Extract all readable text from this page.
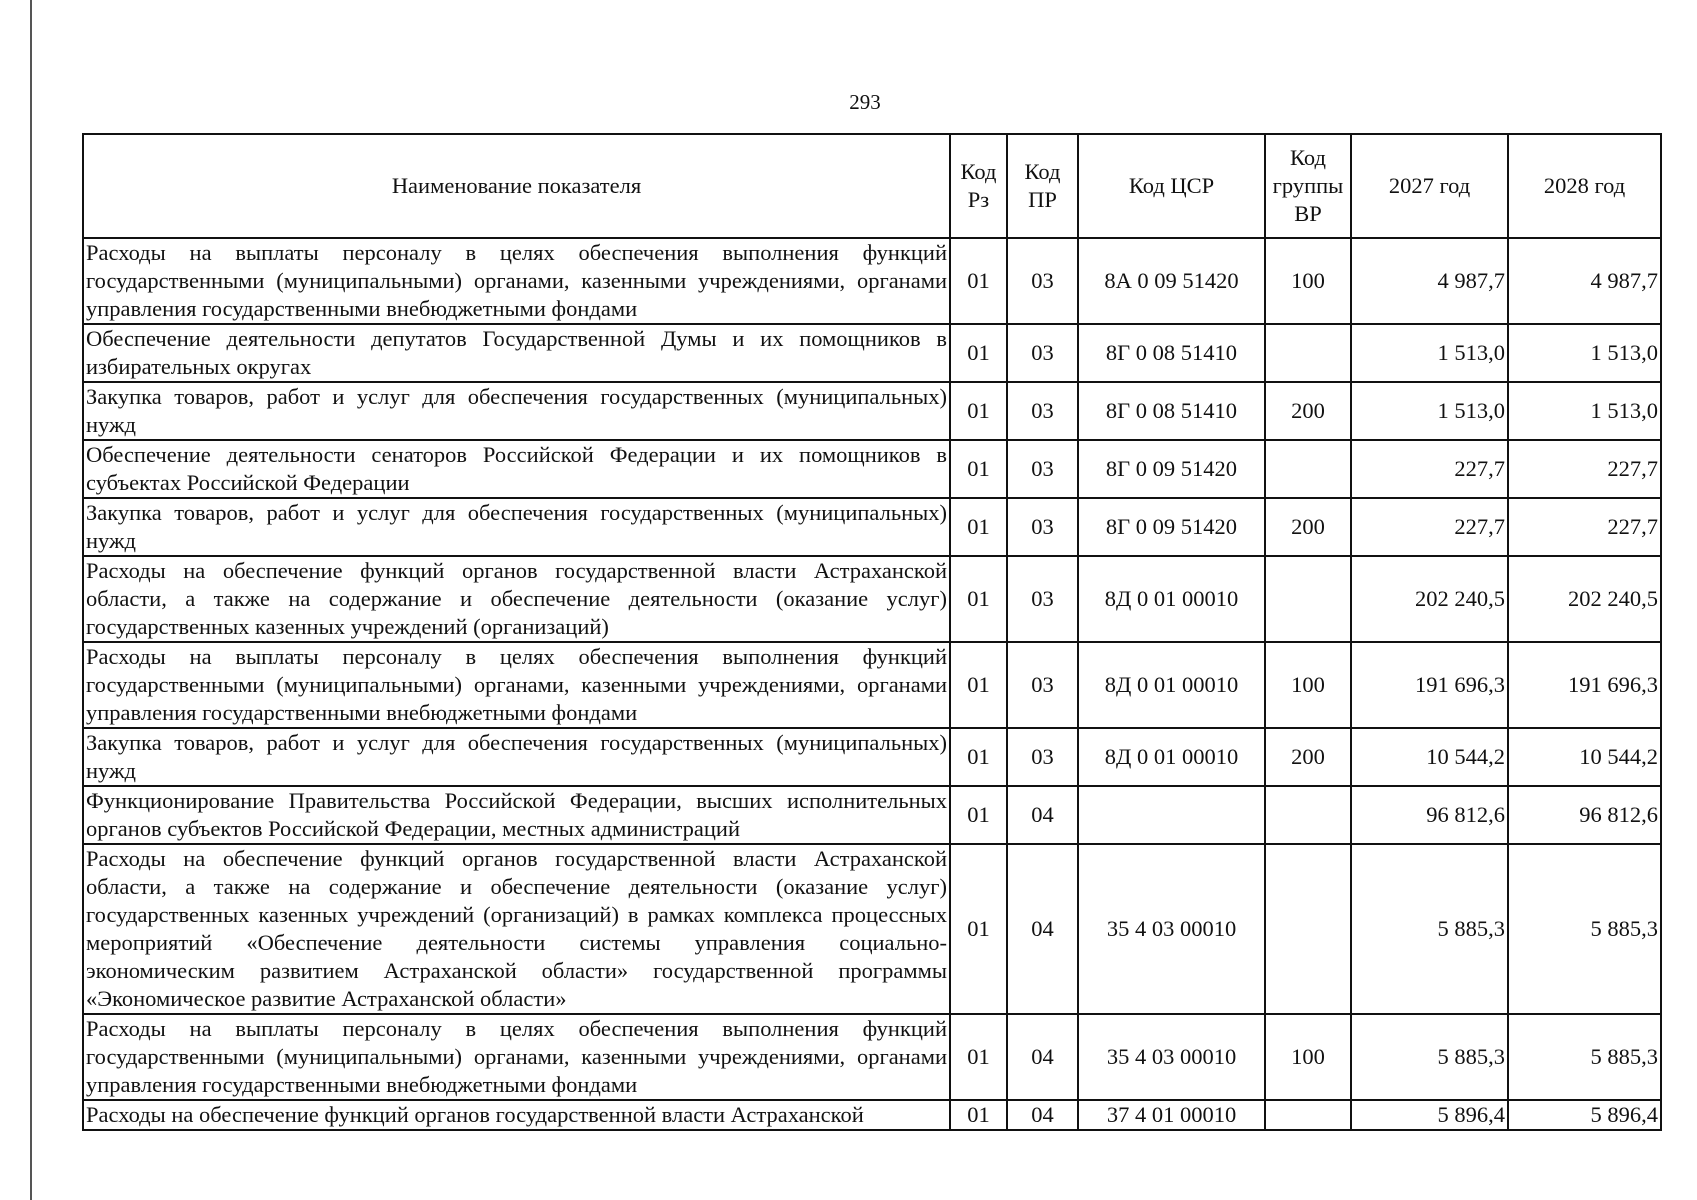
293
Наименование показателя	Код Рз	Код ПР	Код ЦСР	Код группы ВР	2027 год	2028 год
Расходы на выплаты персоналу в целях обеспечения выполнения функций государственными (муниципальными) органами, казенными учреждениями, органами управления государственными внебюджетными фондами	01	03	8А 0 09 51420	100	4 987,7	4 987,7
Обеспечение деятельности депутатов Государственной Думы и их помощников в избирательных округах	01	03	8Г 0 08 51410		1 513,0	1 513,0
Закупка товаров, работ и услуг для обеспечения государственных (муниципальных) нужд	01	03	8Г 0 08 51410	200	1 513,0	1 513,0
Обеспечение деятельности сенаторов Российской Федерации и их помощников в субъектах Российской Федерации	01	03	8Г 0 09 51420		227,7	227,7
Закупка товаров, работ и услуг для обеспечения государственных (муниципальных) нужд	01	03	8Г 0 09 51420	200	227,7	227,7
Расходы на обеспечение функций органов государственной власти Астраханской области, а также на содержание и обеспечение деятельности (оказание услуг) государственных казенных учреждений (организаций)	01	03	8Д 0 01 00010		202 240,5	202 240,5
Расходы на выплаты персоналу в целях обеспечения выполнения функций государственными (муниципальными) органами, казенными учреждениями, органами управления государственными внебюджетными фондами	01	03	8Д 0 01 00010	100	191 696,3	191 696,3
Закупка товаров, работ и услуг для обеспечения государственных (муниципальных) нужд	01	03	8Д 0 01 00010	200	10 544,2	10 544,2
Функционирование Правительства Российской Федерации, высших исполнительных органов субъектов Российской Федерации, местных администраций	01	04			96 812,6	96 812,6
Расходы на обеспечение функций органов государственной власти Астраханской области, а также на содержание и обеспечение деятельности (оказание услуг) государственных казенных учреждений (организаций) в рамках комплекса процессных мероприятий «Обеспечение деятельности системы управления социально-экономическим развитием Астраханской области» государственной программы «Экономическое развитие Астраханской области»	01	04	35 4 03 00010		5 885,3	5 885,3
Расходы на выплаты персоналу в целях обеспечения выполнения функций государственными (муниципальными) органами, казенными учреждениями, органами управления государственными внебюджетными фондами	01	04	35 4 03 00010	100	5 885,3	5 885,3
Расходы на обеспечение функций органов государственной власти Астраханской	01	04	37 4 01 00010		5 896,4	5 896,4
